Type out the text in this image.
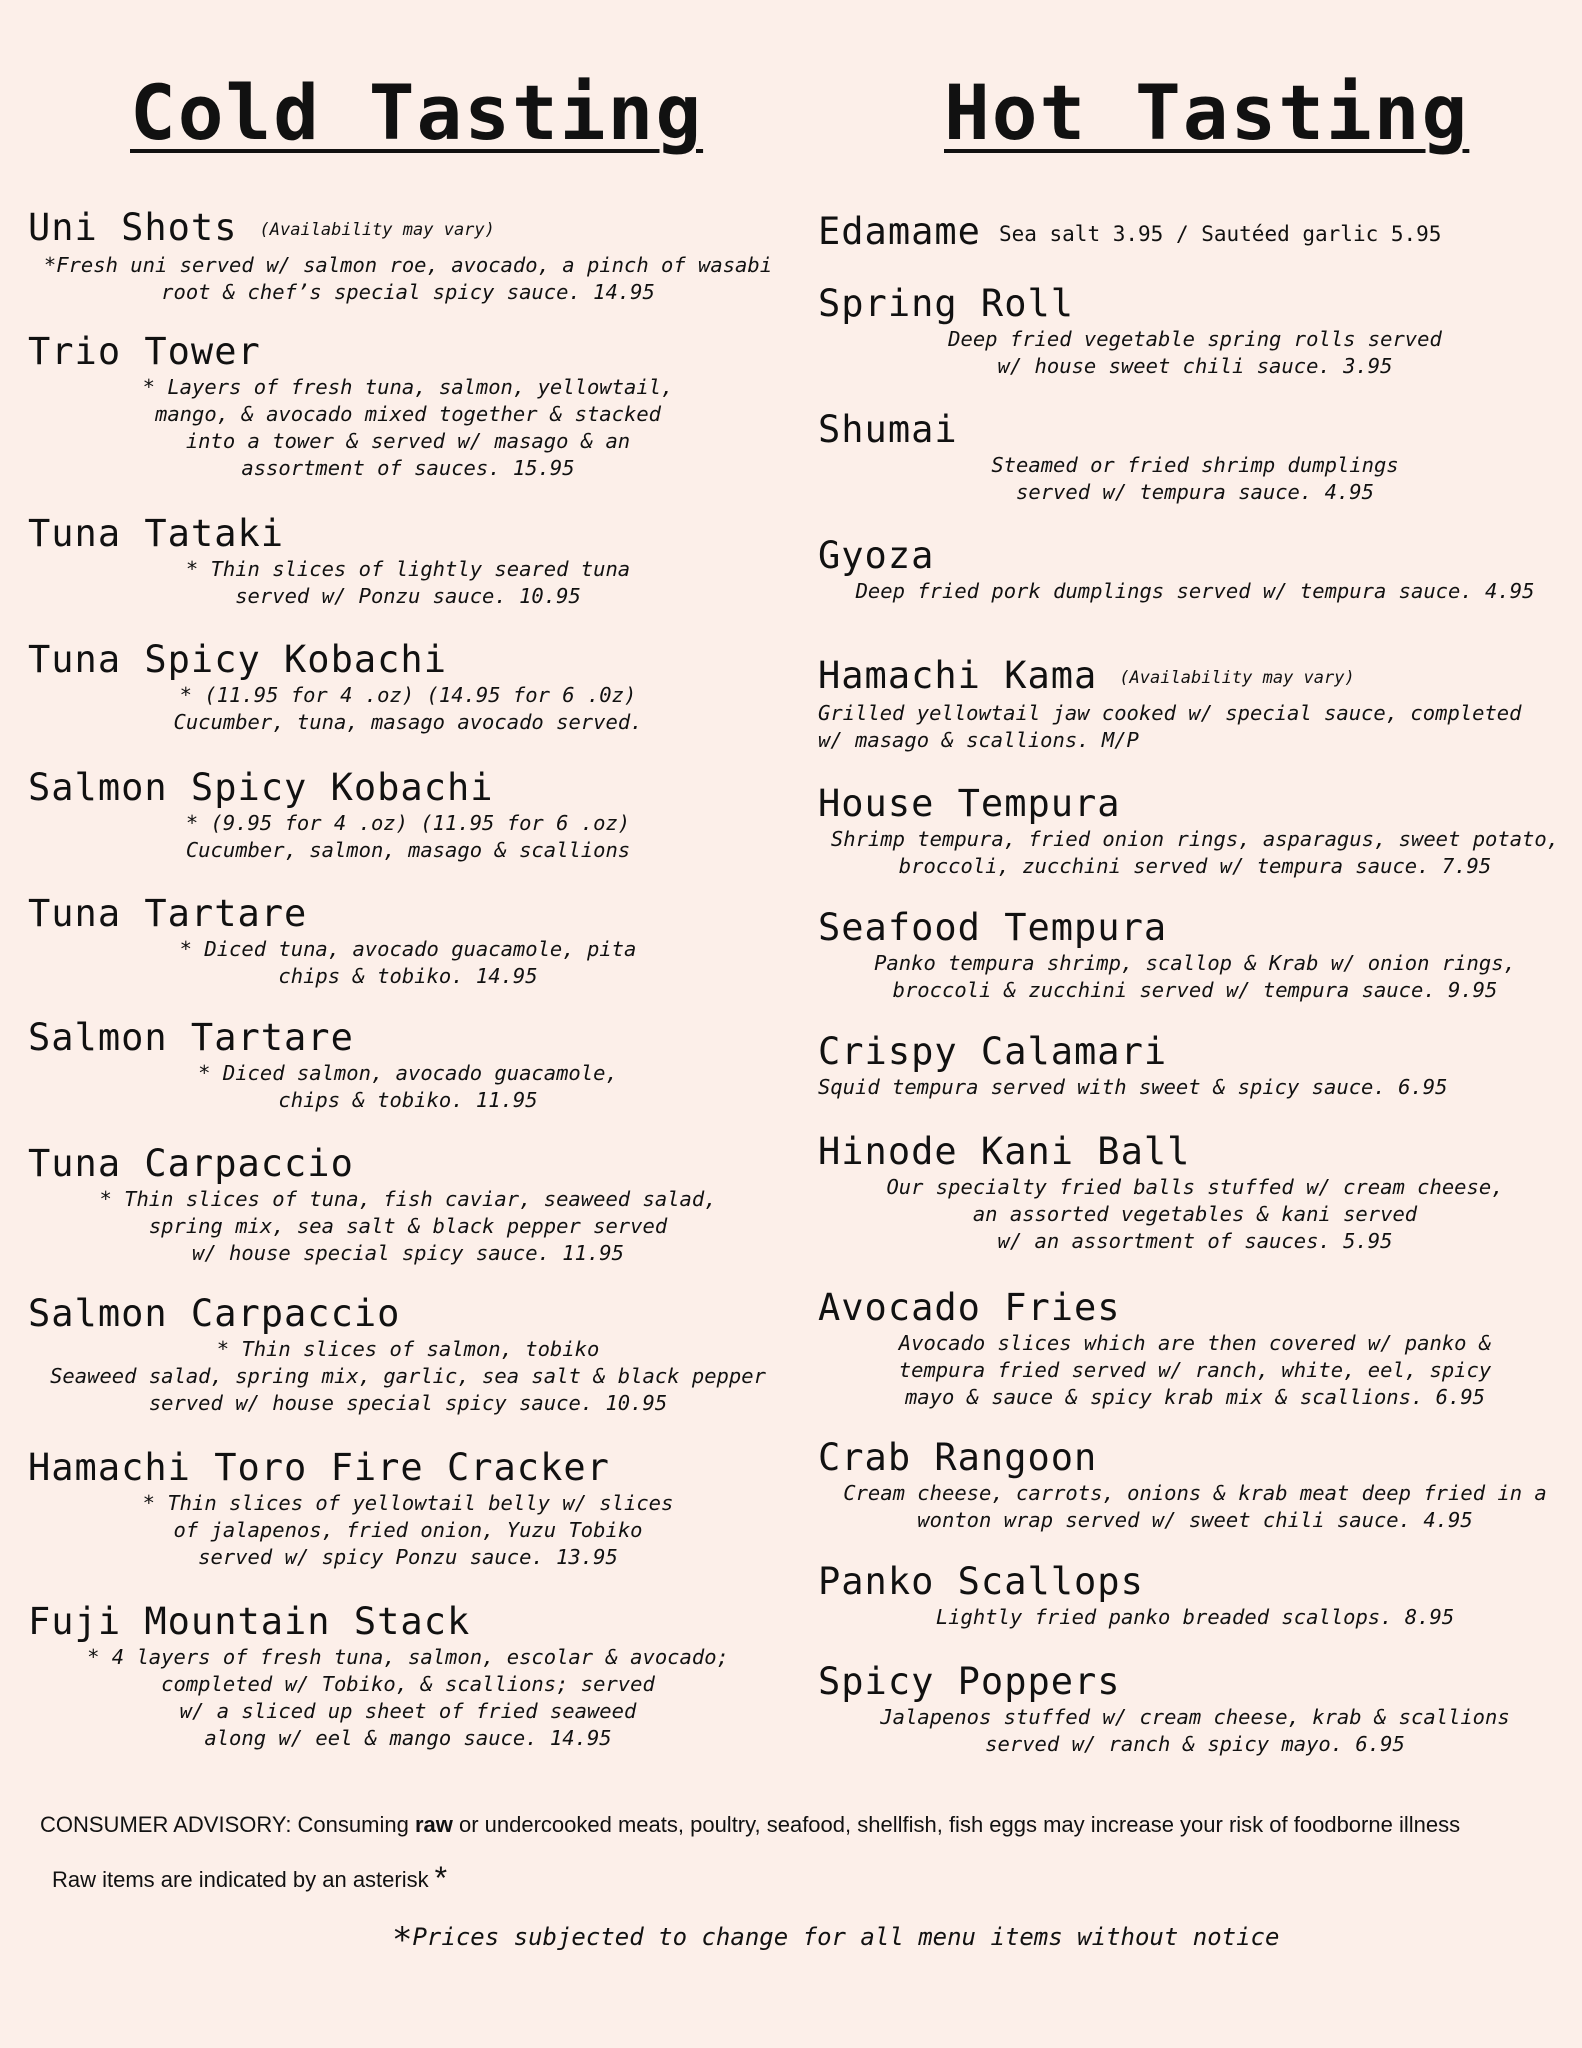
Cold Tasting
Uni Shots (Availability may vary)
*Fresh uni served w/ salmon roe, avocado, a pinch of wasabi
root & chef’s special spicy sauce. 14.95
Trio Tower
* Layers of fresh tuna, salmon, yellowtail,
mango, & avocado mixed together & stacked
into a tower & served w/ masago & an
assortment of sauces. 15.95
Tuna Tataki
* Thin slices of lightly seared tuna
served w/ Ponzu sauce. 10.95
Tuna Spicy Kobachi
* (11.95 for 4 .oz) (14.95 for 6 .0z)
Cucumber, tuna, masago avocado served.
Salmon Spicy Kobachi
* (9.95 for 4 .oz) (11.95 for 6 .oz)
Cucumber, salmon, masago & scallions
Tuna Tartare
* Diced tuna, avocado guacamole, pita
chips & tobiko. 14.95
Salmon Tartare
* Diced salmon, avocado guacamole,
chips & tobiko. 11.95
Tuna Carpaccio
* Thin slices of tuna, fish caviar, seaweed salad,
spring mix, sea salt & black pepper served
w/ house special spicy sauce. 11.95
Salmon Carpaccio
* Thin slices of salmon, tobiko
Seaweed salad, spring mix, garlic, sea salt & black pepper
served w/ house special spicy sauce. 10.95
Hamachi Toro Fire Cracker
* Thin slices of yellowtail belly w/ slices
of jalapenos, fried onion, Yuzu Tobiko
served w/ spicy Ponzu sauce. 13.95
Fuji Mountain Stack
* 4 layers of fresh tuna, salmon, escolar & avocado;
completed w/ Tobiko, & scallions; served
w/ a sliced up sheet of fried seaweed
along w/ eel & mango sauce. 14.95
Hot Tasting
Edamame Sea salt 3.95 / Sautéed garlic 5.95
Spring Roll
Deep fried vegetable spring rolls served
w/ house sweet chili sauce. 3.95
Shumai
Steamed or fried shrimp dumplings
served w/ tempura sauce. 4.95
Gyoza
Deep fried pork dumplings served w/ tempura sauce. 4.95
Hamachi Kama (Availability may vary)
Grilled yellowtail jaw cooked w/ special sauce, completed
w/ masago & scallions. M/P
House Tempura
Shrimp tempura, fried onion rings, asparagus, sweet potato,
broccoli, zucchini served w/ tempura sauce. 7.95
Seafood Tempura
Panko tempura shrimp, scallop & Krab w/ onion rings,
broccoli & zucchini served w/ tempura sauce. 9.95
Crispy Calamari
Squid tempura served with sweet & spicy sauce. 6.95
Hinode Kani Ball
Our specialty fried balls stuffed w/ cream cheese,
an assorted vegetables & kani served
w/ an assortment of sauces. 5.95
Avocado Fries
Avocado slices which are then covered w/ panko &
tempura fried served w/ ranch, white, eel, spicy
mayo & sauce & spicy krab mix & scallions. 6.95
Crab Rangoon
Cream cheese, carrots, onions & krab meat deep fried in a
wonton wrap served w/ sweet chili sauce. 4.95
Panko Scallops
Lightly fried panko breaded scallops. 8.95
Spicy Poppers
Jalapenos stuffed w/ cream cheese, krab & scallions
served w/ ranch & spicy mayo. 6.95
CONSUMER ADVISORY: Consuming raw or undercooked meats, poultry, seafood, shellfish, fish eggs may increase your risk of foodborne illness
Raw items are indicated by an asterisk *
*Prices subjected to change for all menu items without notice
